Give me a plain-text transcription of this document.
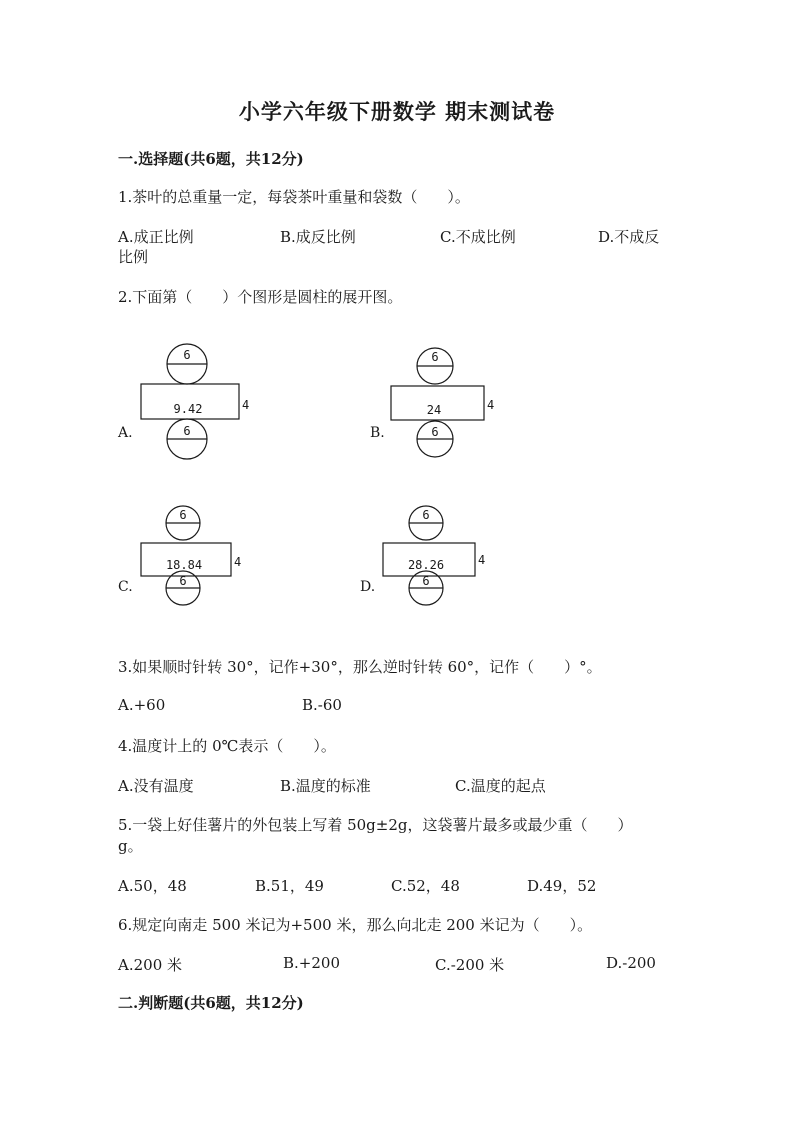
小学六年级下册数学 期末测试卷
一.选择题(共6题，共12分)
1.茶叶的总重量一定，每袋茶叶重量和袋数（　　）。
A.成正比例	B.成反比例	C.不成比例	D.不成反
比例
2.下面第（　　）个图形是圆柱的展开图。
A.
6
9.42	4
6	B.
6
24	4
6
C.
6
18.84	4
6	D.
6
28.26	4
6
3.如果顺时针转 30°，记作+30°，那么逆时针转 60°，记作（　　）°。
A.+60	B.-60
4.温度计上的 0℃表示（　　）。
A.没有温度	B.温度的标准	C.温度的起点
5.一袋上好佳薯片的外包装上写着 50g±2g，这袋薯片最多或最少重（　　）
g。
A.50，48	B.51，49	C.52，48	D.49，52
6.规定向南走 500 米记为+500 米，那么向北走 200 米记为（　　）。
A.200 米	B.+200	C.-200 米	D.-200
二.判断题(共6题，共12分)
